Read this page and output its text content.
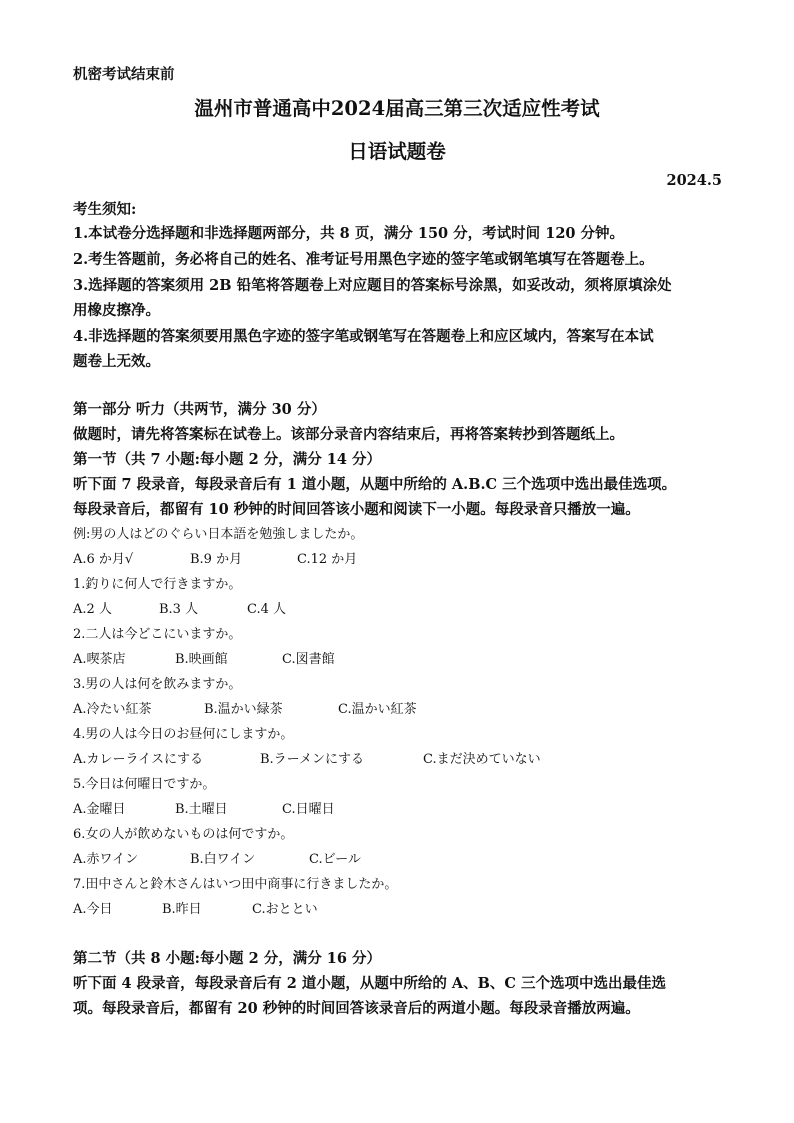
机密考试结束前
温州市普通高中2024届高三第三次适应性考试
日语试题卷
2024.5
考生须知:
1.本试卷分选择题和非选择题两部分，共 8 页，满分 150 分，考试时间 120 分钟。
2.考生答题前，务必将自己的姓名、准考证号用黑色字迹的签字笔或钢笔填写在答题卷上。
3.选择题的答案须用 2B 铅笔将答题卷上对应题目的答案标号涂黑，如妥改动，须将原填涂处
用橡皮擦净。
4.非选择题的答案须要用黑色字迹的签字笔或钢笔写在答题卷上和应区域内，答案写在本试
题卷上无效。
第一部分 听力（共两节，满分 30 分）
做题时，请先将答案标在试卷上。该部分录音内容结束后，再将答案转抄到答题纸上。
第一节（共 7 小题:每小题 2 分，满分 14 分）
听下面 7 段录音，每段录音后有 1 道小题，从题中所给的 A.B.C 三个选项中选出最佳选项。
每段录音后，都留有 10 秒钟的时间回答该小题和阅读下一小题。每段录音只播放一遍。
例:男の人はどのぐらい日本語を勉強しましたか。
A.6 か月√	B.9 か月	C.12 か月
1.釣りに何人で行きますか。
A.2 人	B.3 人	C.4 人
2.二人は今どこにいますか。
A.喫茶店	B.映画館	C.図書館
3.男の人は何を飲みますか。
A.冷たい紅茶	B.温かい緑茶	C.温かい紅茶
4.男の人は今日のお昼何にしますか。
A.カレーライスにする	B.ラーメンにする	C.まだ決めていない
5.今日は何曜日ですか。
A.金曜日	B.土曜日	C.日曜日
6.女の人が飲めないものは何ですか。
A.赤ワイン	B.白ワイン	C.ビール
7.田中さんと鈴木さんはいつ田中商事に行きましたか。
A.今日	B.昨日	C.おととい
第二节（共 8 小题:每小题 2 分，满分 16 分）
听下面 4 段录音，每段录音后有 2 道小题，从题中所给的 A、B、C 三个选项中选出最佳选
项。每段录音后，都留有 20 秒钟的时间回答该录音后的两道小题。每段录音播放两遍。
